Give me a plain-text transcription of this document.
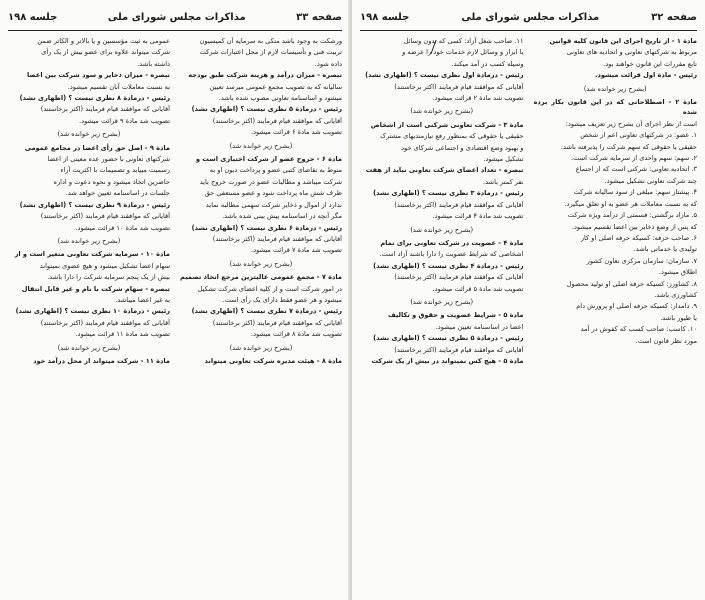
صفحه ۳۳
مذاکرات مجلس شورای ملی
جلسه ۱۹۸

ورشکت به وجود باشد متکی به سرمایه آن کمیسیون

تربیت فنی و تأسیسات لازم از محل اعتبارات شرکت

داده شود.

تبصره - میزان درآمد و هزینه شرکت طبق بودجه

سالیانه که به تصویب مجمع عمومی میرسد تعیین

میشود و اساسنامه تعاونی مصوب شده باشد.

رئیس - درمادة ۵ نظری نیست ؟ (اظهاری نشد)

آقایانی که موافقند قیام فرمایند (اکثر برخاستند)

تصویب شد مادة ۶ قرائت میشود.

(بشرح زیر خوانده شد)

مادة ۶ - خروج عضو از شرکت اختیاری است و

منوط به تقاضای کتبی عضو و پرداخت دیون او به

شرکت میباشد و مطالبات عضو در صورت خروج باید

ظرف شش ماه پرداخت شود و عضو مستعفی حق

ندارد از اموال و ذخایر شرکت سهمی مطالبه نماید

مگر آنچه در اساسنامه پیش بینی شده باشد.

رئیس - درمادة ۶ نظری نیست ؟ (اظهاری نشد)

آقایانی که موافقند قیام فرمایند (اکثر برخاستند)

تصویب شد مادة ۷ قرائت میشود.

(بشرح زیر خوانده شد)

مادة ۷ - مجمع عمومی عالیترین مرجع اتخاذ تصمیم

در امور شرکت است و از کلیه اعضای شرکت تشکیل

میشود و هر عضو فقط دارای یک رأی است.

رئیس - درمادة ۷ نظری نیست ؟ (اظهاری نشد)

آقایانی که موافقند قیام فرمایند (اکثر برخاستند)

تصویب شد مادة ۸ قرائت میشود.

(بشرح زیر خوانده شد)

مادة ۸ - هیئت مدیره شرکت تعاونی میتواند

عمومی به ثبت مؤسسین و یا بالاتر و الکاتر ضمن

شرکت میتواند علاوه برای عضو بیش از یک رأی

داشته باشد.

تبصره - میزان ذخایر و سود شرکت بین اعضا

به نسبت معاملات آنان تقسیم میشود.

رئیس - درمادة ۸ نظری نیست ؟ (اظهاری نشد)

آقایانی که موافقند قیام فرمایند (اکثر برخاستند)

تصویب شد مادة ۹ قرائت میشود.

(بشرح زیر خوانده شد)

مادة ۹ - اصل حق رأی اعضا در مجامع عمومی

شرکتهای تعاونی با حضور عده معینی از اعضا

رسمیت مییابد و تصمیمات با اکثریت آراء

حاضرین اتخاذ میشود و نحوه دعوت و اداره

جلسات در اساسنامه تعیین خواهد شد.

رئیس - درمادة ۹ نظری نیست ؟ (اظهاری نشد)

آقایانی که موافقند قیام فرمایند (اکثر برخاستند)

تصویب شد مادة ۱۰ قرائت میشود.

(بشرح زیر خوانده شد)

مادة ۱۰ - سرمایه شرکت تعاونی متغیر است و از

سهام اعضا تشکیل میشود و هیچ عضوی نمیتواند

بیش از یک پنجم سرمایه شرکت را دارا باشد.

تبصره - سهام شرکت با نام و غیر قابل انتقال

به غیر اعضا میباشد.

رئیس - درمادة ۱۰ نظری نیست ؟ (اظهاری نشد)

آقایانی که موافقند قیام فرمایند (اکثر برخاستند)

تصویب شد مادة ۱۱ قرائت میشود.

(بشرح زیر خوانده شد)

مادة ۱۱ - شرکت میتواند از محل درآمد خود

صفحه ۳۲
مذاکرات مجلس شورای ملی
جلسه ۱۹۸

مادة ۱ - از تاریخ اجرای این قانون کلیه قوانین

مربوط به شرکتهای تعاونی و اتحادیه های تعاونی

تابع مقررات این قانون خواهند بود.

رئیس - مادة اول قرائت میشود.

(بشرح زیر خوانده شد)

مادة ۲ - اصطلاحاتی که در این قانون بکار برده شده

است از نظر اجرای آن بشرح زیر تعریف میشود:

۱. عضو: در شرکتهای تعاونی اعم از شخص

حقیقی یا حقوقی که سهم شرکت را پذیرفته باشد.

۲. سهم: سهم واحدی از سرمایه شرکت است.

۳. اتحادیه تعاونی: شرکتی است که از اجتماع

چند شرکت تعاونی تشکیل میشود.

۴. پیشتاز سهم: مبلغی از سود سالیانه شرکت

که به نسبت معاملات هر عضو به او تعلق میگیرد.

۵. مازاد برگشتی: قسمتی از درآمد ویژه شرکت

که پس از وضع ذخایر بین اعضا تقسیم میشود.

۶. صاحب حرفه: کسیکه حرفه اصلی او کار

تولیدی یا خدماتی باشد.

۷. سازمان: سازمان مرکزی تعاون کشور

اطلاق میشود.

۸. کشاورز: کسیکه حرفه اصلی او تولید محصول

کشاورزی باشد.

۹. دامدار: کسیکه حرفه اصلی او پرورش دام

یا طیور باشد.

۱۰. کاسب: صاحب کسب که کفوش در آمد

مورد نظر قانون است.

۱۱. صاحب شغل آزاد: کسی که بدون وسائل

یا ابزار و وسائل لازم خدمات خود را عرضه و

وسیله کسب در آمد میکند.

رئیس - درمادة اول نظری نیست ؟ (اظهاری نشد)

آقایانی که موافقند قیام فرمایند (اکثر برخاستند)

تصویب شد مادة ۲ قرائت میشود.

(بشرح زیر خوانده شد)

مادة ۳ - شرکت تعاونی شرکتی است از اشخاص

حقیقی یا حقوقی که بمنظور رفع نیازمندیهای مشترک

و بهبود وضع اقتصادی و اجتماعی شرکای خود

تشکیل میشود.

تبصره - تعداد اعضای شرکت تعاونی نباید از هفت

نفر کمتر باشد.

رئیس - درمادة ۳ نظری نیست ؟ (اظهاری نشد)

آقایانی که موافقند قیام فرمایند (اکثر برخاستند)

تصویب شد مادة ۴ قرائت میشود.

(بشرح زیر خوانده شد)

مادة ۴ - عضویت در شرکت تعاونی برای تمام

اشخاصی که شرایط عضویت را دارا باشند آزاد است.

رئیس - درمادة ۴ نظری نیست ؟ (اظهاری نشد)

آقایانی که موافقند قیام فرمایند (اکثر برخاستند)

تصویب شد مادة ۵ قرائت میشود.

(بشرح زیر خوانده شد)

مادة ۵ - شرایط عضویت و حقوق و تکالیف

اعضا در اساسنامه تعیین میشود.

رئیس - درمادة ۵ نظری نیست ؟ (اظهاری نشد)

آقایانی که موافقند قیام فرمایند (اکثر برخاستند)

مادة ۵ - هیچ کس نمیتواند در بیش از یک شرکت
